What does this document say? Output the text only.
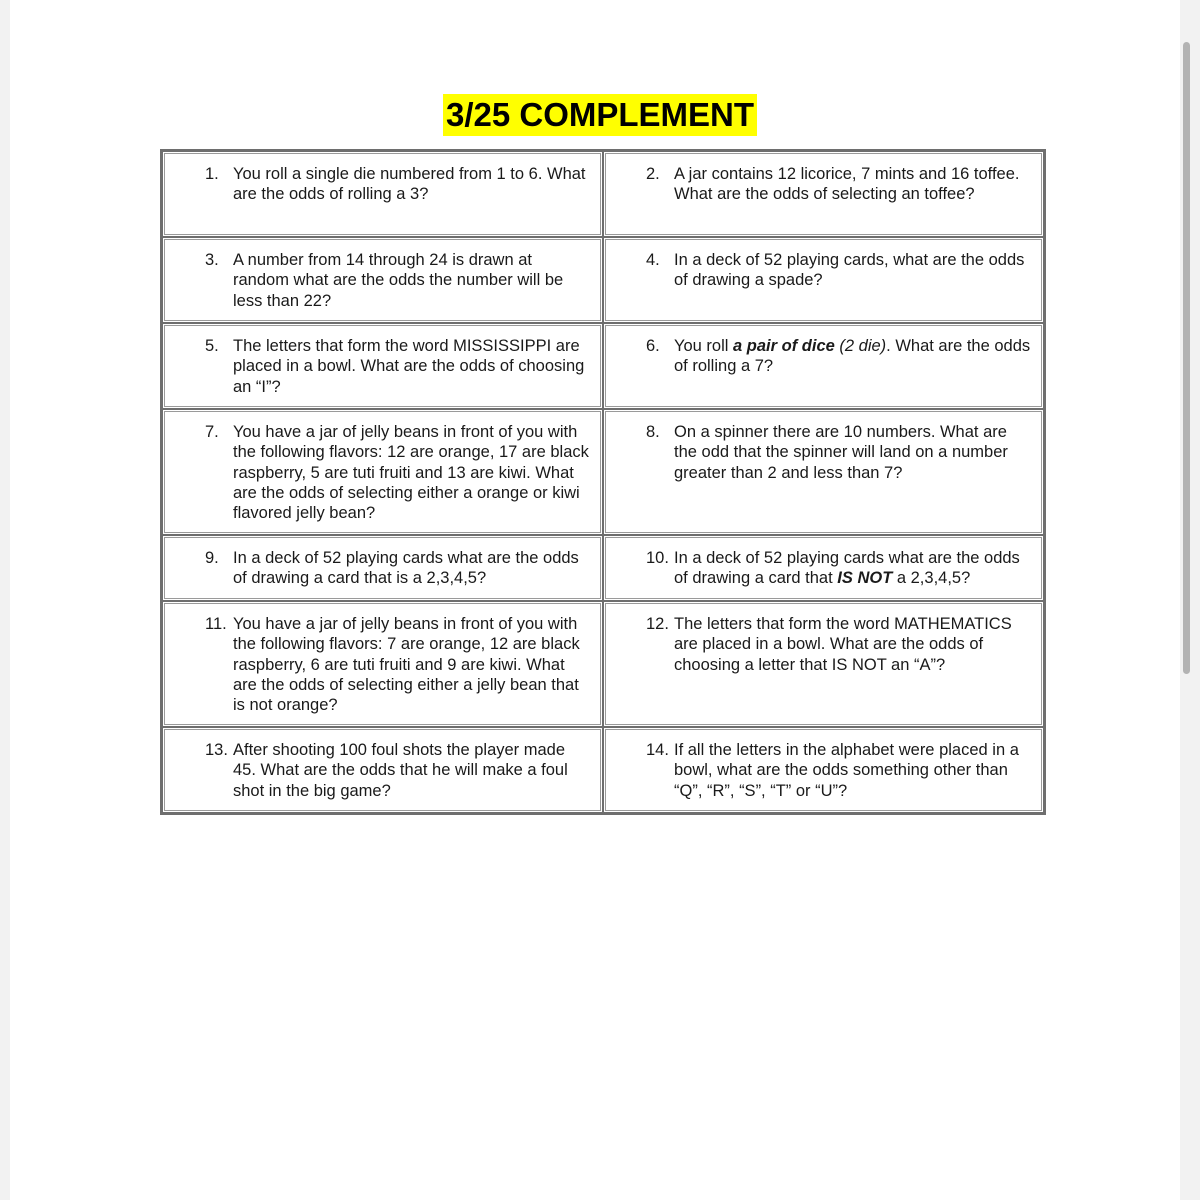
3/25 COMPLEMENT
1. You roll a single die numbered from 1 to 6. What are the odds of rolling a 3?	2. A jar contains 12 licorice, 7 mints and 16 toffee. What are the odds of selecting an toffee?

3. A number from 14 through 24 is drawn at random what are the odds the number will be less than 22?	4. In a deck of 52 playing cards, what are the odds of drawing a spade?

5. The letters that form the word MISSISSIPPI are placed in a bowl. What are the odds of choosing an “I”?	6. You roll a pair of dice (2 die). What are the odds of rolling a 7?

7. You have a jar of jelly beans in front of you with the following flavors: 12 are orange, 17 are black raspberry, 5 are tuti fruiti and 13 are kiwi. What are the odds of selecting either a orange or kiwi flavored jelly bean?	8. On a spinner there are 10 numbers. What are the odd that the spinner will land on a number greater than 2 and less than 7?

9. In a deck of 52 playing cards what are the odds of drawing a card that is a 2,3,4,5?	10. In a deck of 52 playing cards what are the odds of drawing a card that IS NOT a 2,3,4,5?

11. You have a jar of jelly beans in front of you with the following flavors: 7 are orange, 12 are black raspberry, 6 are tuti fruiti and 9 are kiwi. What are the odds of selecting either a jelly bean that is not orange?	12. The letters that form the word MATHEMATICS are placed in a bowl. What are the odds of choosing a letter that IS NOT an “A”?

13. After shooting 100 foul shots the player made 45. What are the odds that he will make a foul shot in the big game?	14. If all the letters in the alphabet were placed in a bowl, what are the odds something other than “Q”, “R”, “S”, “T” or “U”?
